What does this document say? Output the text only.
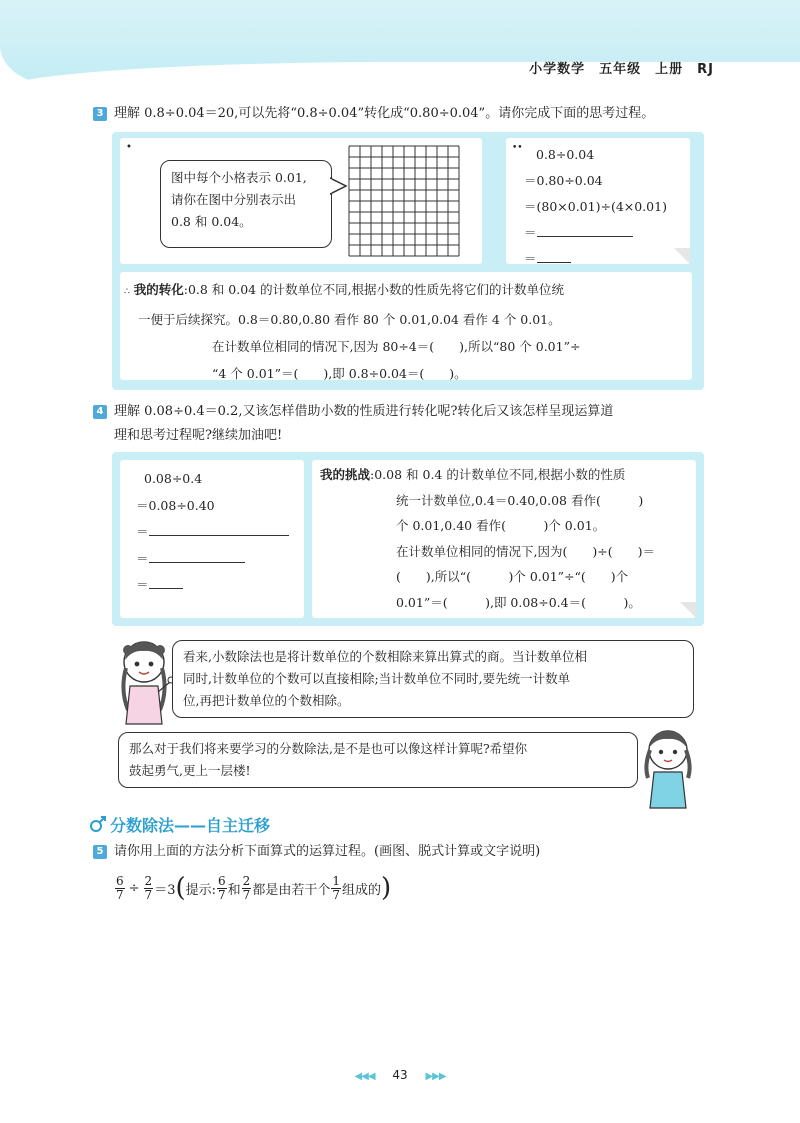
小学数学　五年级　上册　RJ
3 理解 0.8÷0.04＝20,可以先将“0.8÷0.04”转化成“0.80÷0.04”。请你完成下面的思考过程。
•
图中每个小格表示 0.01,
请你在图中分别表示出
0.8 和 0.04。
••	0.8÷0.04
＝0.80÷0.04
＝(80×0.01)÷(4×0.01)
＝
＝
∴ 我的转化:0.8 和 0.04 的计数单位不同,根据小数的性质先将它们的计数单位统
一便于后续探究。0.8＝0.80,0.80 看作 80 个 0.01,0.04 看作 4 个 0.01。
在计数单位相同的情况下,因为 80÷4＝(　　),所以“80 个 0.01”÷
“4 个 0.01”＝(　　),即 0.8÷0.04＝(　　)。
4 理解 0.08÷0.4＝0.2,又该怎样借助小数的性质进行转化呢?转化后又该怎样呈现运算道
理和思考过程呢?继续加油吧!
0.08÷0.4
＝0.08÷0.40
＝
＝
＝
我的挑战:0.08 和 0.4 的计数单位不同,根据小数的性质
统一计数单位,0.4＝0.40,0.08 看作(　　　)
个 0.01,0.40 看作(　　　)个 0.01。
在计数单位相同的情况下,因为(　　)÷(　　)＝
(　　),所以“(　　　)个 0.01”÷“(　　)个
0.01”＝(　　　),即 0.08÷0.4＝(　　　)。
看来,小数除法也是将计数单位的个数相除来算出算式的商。当计数单位相
同时,计数单位的个数可以直接相除;当计数单位不同时,要先统一计数单
位,再把计数单位的个数相除。
那么对于我们将来要学习的分数除法,是不是也可以像这样计算呢?希望你
鼓起勇气,更上一层楼!
分数除法——自主迁移
5 请你用上面的方法分析下面算式的运算过程。(画图、脱式计算或文字说明)
$\frac{6}{7} \div \frac{2}{7} =3$ ( 提示: $\frac{6}{7}$ 和 $\frac{2}{7}$ 都是由若干个 $\frac{1}{7}$ 组成的 )
◀◀◀ 43 ▶▶▶
